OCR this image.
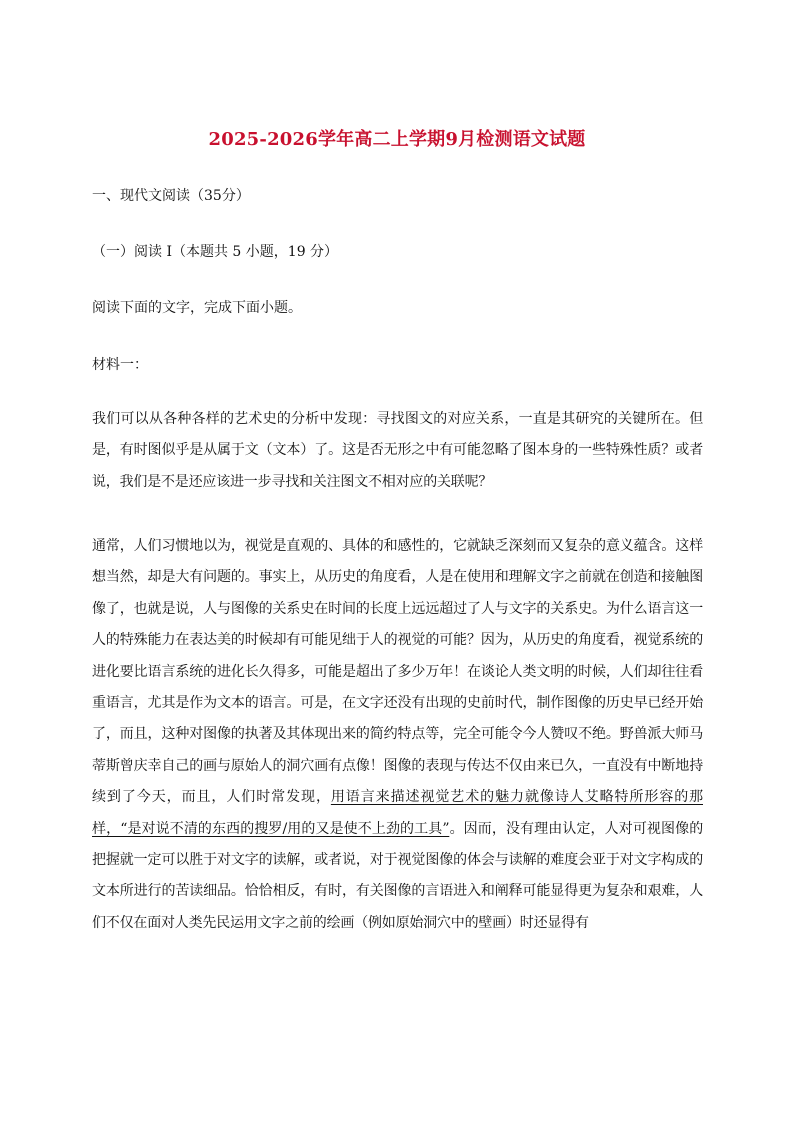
2025-2026学年高二上学期9月检测语文试题
一、现代文阅读（35分）
（一）阅读 I（本题共 5 小题，19 分）
阅读下面的文字，完成下面小题。
材料一：
我们可以从各种各样的艺术史的分析中发现：寻找图文的对应关系，一直是其研究的关键所在。但是，有时图似乎是从属于文（文本）了。这是否无形之中有可能忽略了图本身的一些特殊性质？或者说，我们是不是还应该进一步寻找和关注图文不相对应的关联呢？
通常，人们习惯地以为，视觉是直观的、具体的和感性的，它就缺乏深刻而又复杂的意义蕴含。这样想当然，却是大有问题的。事实上，从历史的角度看，人是在使用和理解文字之前就在创造和接触图像了，也就是说，人与图像的关系史在时间的长度上远远超过了人与文字的关系史。为什么语言这一人的特殊能力在表达美的时候却有可能见绌于人的视觉的可能？因为，从历史的角度看，视觉系统的进化要比语言系统的进化长久得多，可能是超出了多少万年！在谈论人类文明的时候，人们却往往看重语言，尤其是作为文本的语言。可是，在文字还没有出现的史前时代，制作图像的历史早已经开始了，而且，这种对图像的执著及其体现出来的简约特点等，完全可能令今人赞叹不绝。野兽派大师马蒂斯曾庆幸自己的画与原始人的洞穴画有点像！图像的表现与传达不仅由来已久，一直没有中断地持续到了今天，而且，人们时常发现，用语言来描述视觉艺术的魅力就像诗人艾略特所形容的那样，“是对说不清的东西的搜罗/用的又是使不上劲的工具”。因而，没有理由认定，人对可视图像的把握就一定可以胜于对文字的读解，或者说，对于视觉图像的体会与读解的难度会亚于对文字构成的文本所进行的苦读细品。恰恰相反，有时，有关图像的言语进入和阐释可能显得更为复杂和艰难，人们不仅在面对人类先民运用文字之前的绘画（例如原始洞穴中的壁画）时还显得有
